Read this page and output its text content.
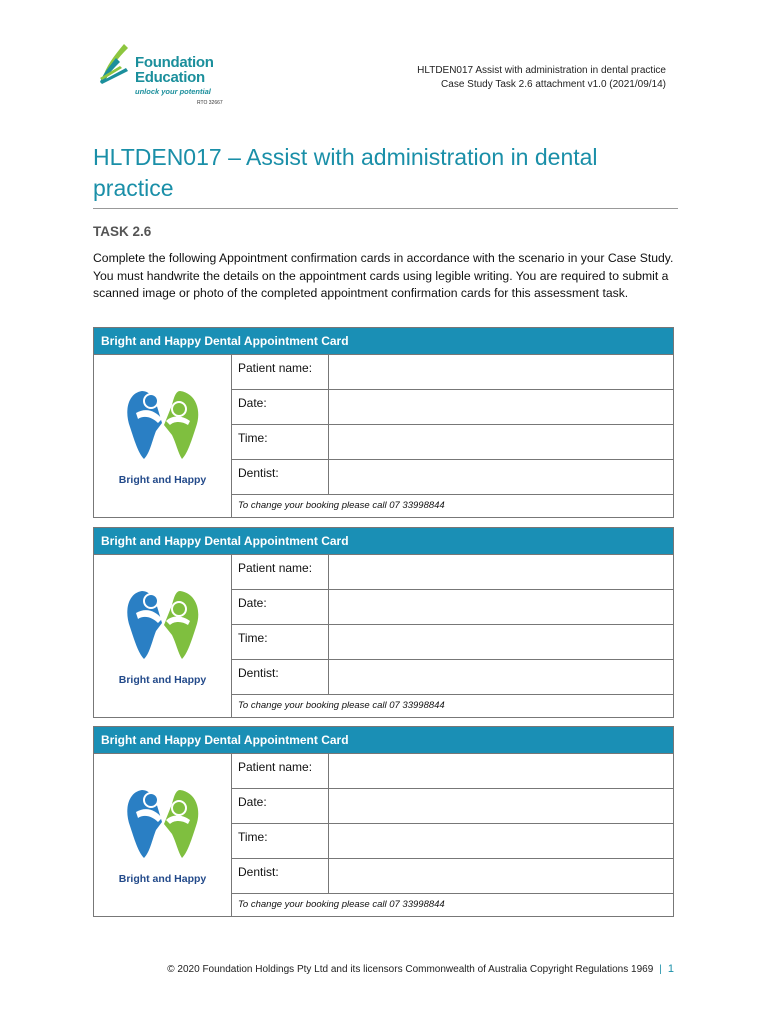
Foundation
Education
unlock your potential
RTO 32667
HLTDEN017 Assist with administration in dental practice
Case Study Task 2.6 attachment v1.0 (2021/09/14)
HLTDEN017 – Assist with administration in dental practice
TASK 2.6
Complete the following Appointment confirmation cards in accordance with the scenario in your Case Study. You must handwrite the details on the appointment cards using legible writing. You are required to submit a scanned image or photo of the completed appointment confirmation cards for this assessment task.
Bright and Happy Dental Appointment Card
Bright and Happy
Patient name:
Date:
Time:
Dentist:
To change your booking please call 07 33998844
Bright and Happy Dental Appointment Card
Bright and Happy
Patient name:
Date:
Time:
Dentist:
To change your booking please call 07 33998844
Bright and Happy Dental Appointment Card
Bright and Happy
Patient name:
Date:
Time:
Dentist:
To change your booking please call 07 33998844
© 2020 Foundation Holdings Pty Ltd and its licensors Commonwealth of Australia Copyright Regulations 1969 | 1
